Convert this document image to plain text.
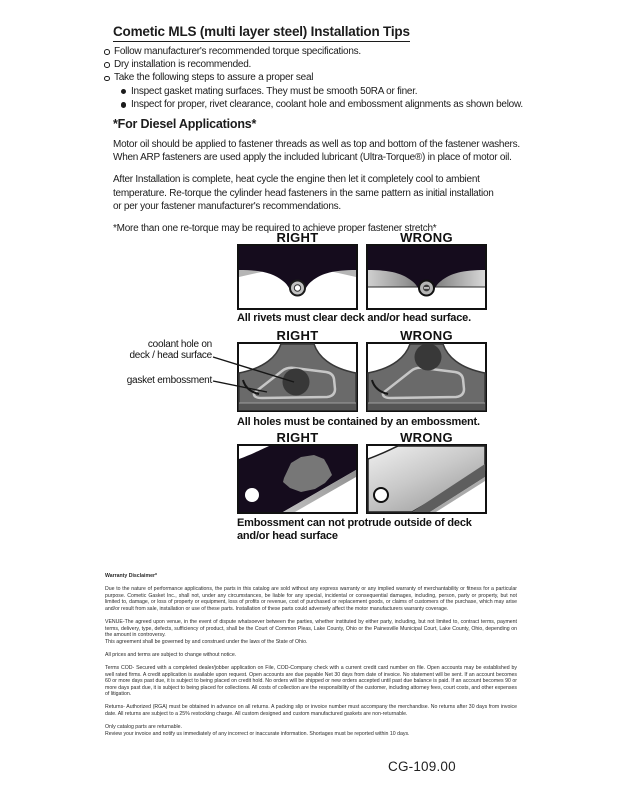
Cometic MLS (multi layer steel) Installation Tips
Follow manufacturer's recommended torque specifications.
Dry installation is recommended.
Take the following steps to assure a proper seal
Inspect gasket mating surfaces. They must be smooth 50RA or finer.
Inspect for proper, rivet clearance, coolant hole and embossment alignments as shown below.
*For Diesel Applications*

Motor oil should be applied to fastener threads as well as top and bottom of the fastener washers.

When ARP fasteners are used apply the included lubricant (Ultra-Torque®) in place of motor oil.

After Installation is complete, heat cycle the engine then let it completely cool to ambient

temperature. Re-torque the cylinder head fasteners in the same pattern as initial installation

or per your fastener manufacturer's recommendations.

*More than one re-torque may be required to achieve proper fastener stretch*

RIGHT	WRONG

All rivets must clear deck and/or head surface.

RIGHT	WRONG
coolant hole on
deck / head surface
gasket embossment

All holes must be contained by an embossment.

RIGHT	WRONG

Embossment can not protrude outside of deck
and/or head surface

Warranty Disclaimer*

Due to the nature of performance applications, the parts in this catalog are sold without any express warranty or any implied warranty of merchantability or fitness for a particular purpose. Cometic Gasket Inc., shall not, under any circumstances, be liable for any special, incidental or consequential damages, including, person, party or property, but not limited to, damage, or loss of property or equipment, loss of profits or revenue, cost of purchased or replacement goods, or claims of customers of the purchase, which may arise and/or result from sale, installation or use of these parts. Installation of these parts could adversely affect the motor manufacturers warranty coverage.

VENUE-The agreed upon venue, in the event of dispute whatsoever between the parties, whether instituted by either party, including, but not limited to, contract terms, payment terms, delivery, type, defects, sufficiency of product, shall be the Court of Common Pleas, Lake County, Ohio or the Painesville Municipal Court, Lake County, Ohio, depending on the amount in controversy.

This agreement shall be governed by and construed under the laws of the State of Ohio.

All prices and terms are subject to change without notice.

Terms COD- Secured with a completed dealer/jobber application on File, COD-Company check with a current credit card number on file. Open accounts may be established by well rated firms. A credit application is available upon request. Open accounts are due payable Net 30 days from date of invoice. No statement will be sent. If an account becomes 60 or more days past due, it is subject to being placed on credit hold. No orders will be shipped or new orders accepted until past due balance is paid. If an account becomes 90 or more days past due, it is subject to being placed for collections. All costs of collection are the responsibility of the customer, including attorney fees, court costs, and other expenses of litigation.

Returns- Authorized (RGA) must be obtained in advance on all returns. A packing slip or invoice number must accompany the merchandise. No returns after 30 days from invoice date. All returns are subject to a 25% restocking charge. All custom designed and custom manufactured gaskets are non-returnable.

Only catalog parts are returnable.

Review your invoice and notify us immediately of any incorrect or inaccurate information. Shortages must be reported within 10 days.

CG-109.00
